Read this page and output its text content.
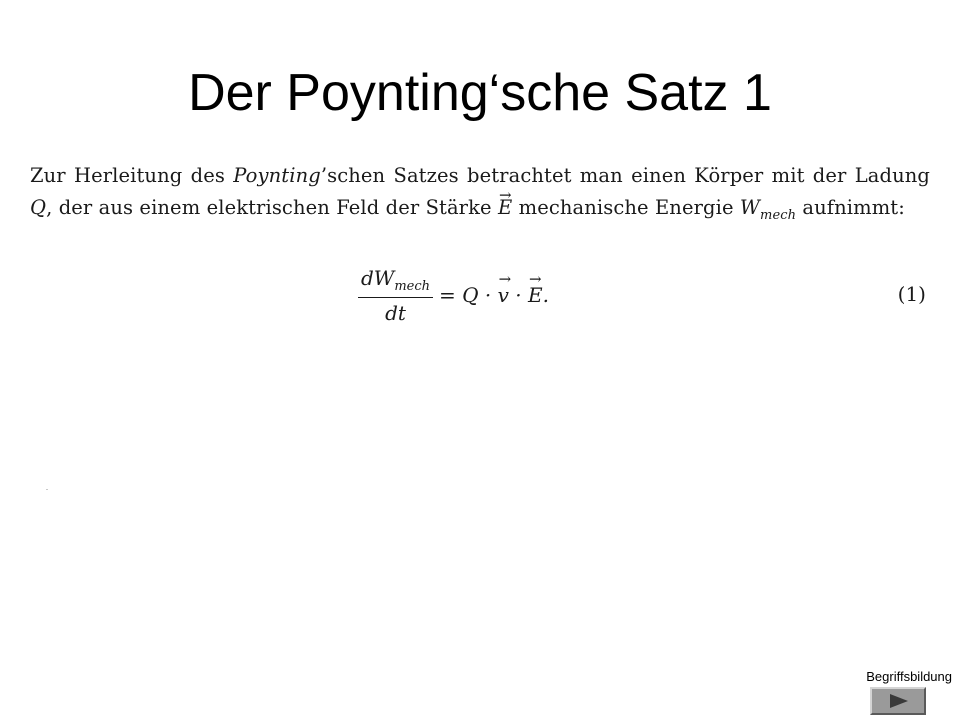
Der Poynting‘sche Satz 1

Zur Herleitung des Poynting’schen Satzes betrachtet man einen Körper mit der Ladung Q, der aus einem elektrischen Feld der Stärke → E mechanische Energie $W_{mech}$ aufnimmt:

$\frac{dW_{mech}}{dt} = Q$ · → v · → E.	(1)
Begriffsbildung
